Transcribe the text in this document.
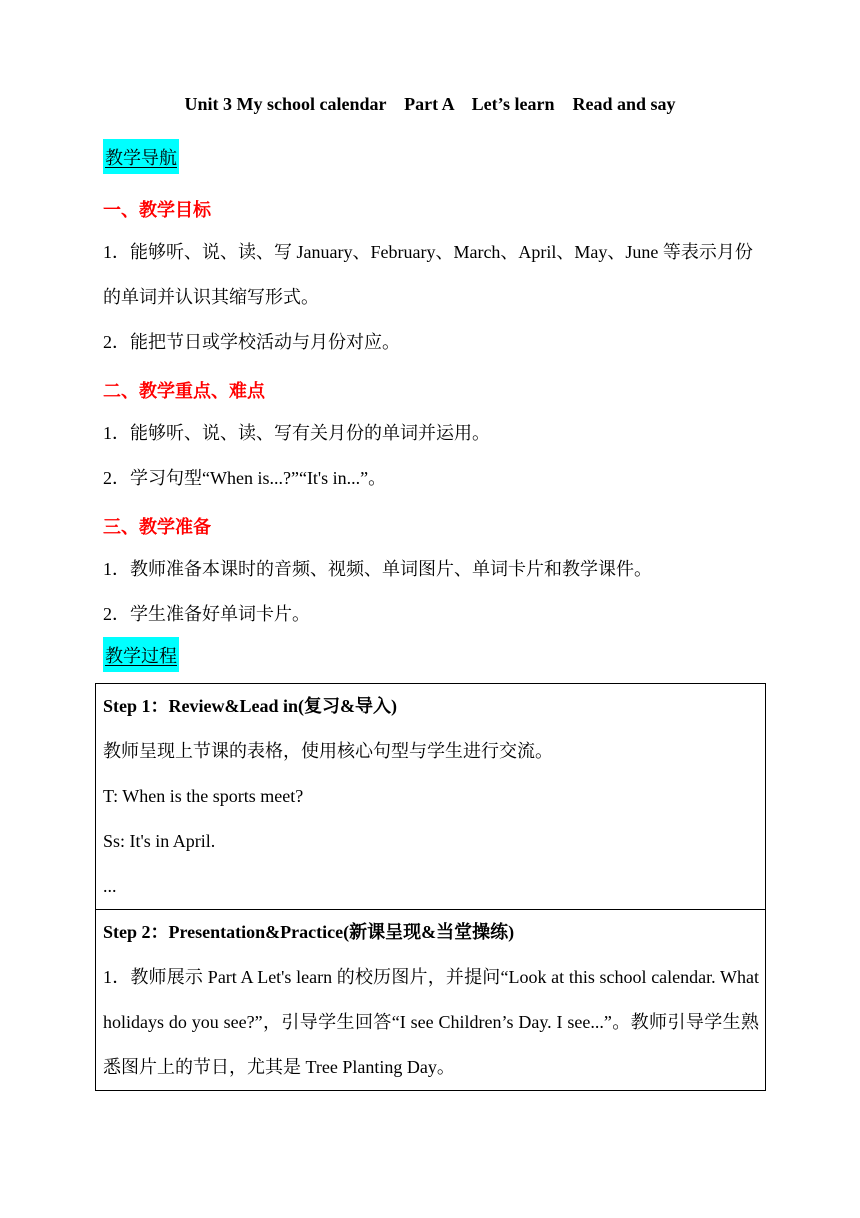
Unit 3 My school calendar    Part A    Let’s learn    Read and say
教学导航
一、教学目标
1．能够听、说、读、写 January、February、March、April、May、June 等表示月份的单词并认识其缩写形式。
2．能把节日或学校活动与月份对应。
二、教学重点、难点
1．能够听、说、读、写有关月份的单词并运用。
2．学习句型“When is...?”“It's in...”。
三、教学准备
1．教师准备本课时的音频、视频、单词图片、单词卡片和教学课件。
2．学生准备好单词卡片。
教学过程
Step 1：Review&Lead in(复习&导入)
教师呈现上节课的表格，使用核心句型与学生进行交流。
T: When is the sports meet?
Ss: It's in April.
...
Step 2：Presentation&Practice(新课呈现&当堂操练)
1．教师展示 Part A Let's learn 的校历图片，并提问“Look at this school calendar. What holidays do you see?”，引导学生回答“I see Children’s Day. I see...”。教师引导学生熟悉图片上的节日，尤其是 Tree Planting Day。
